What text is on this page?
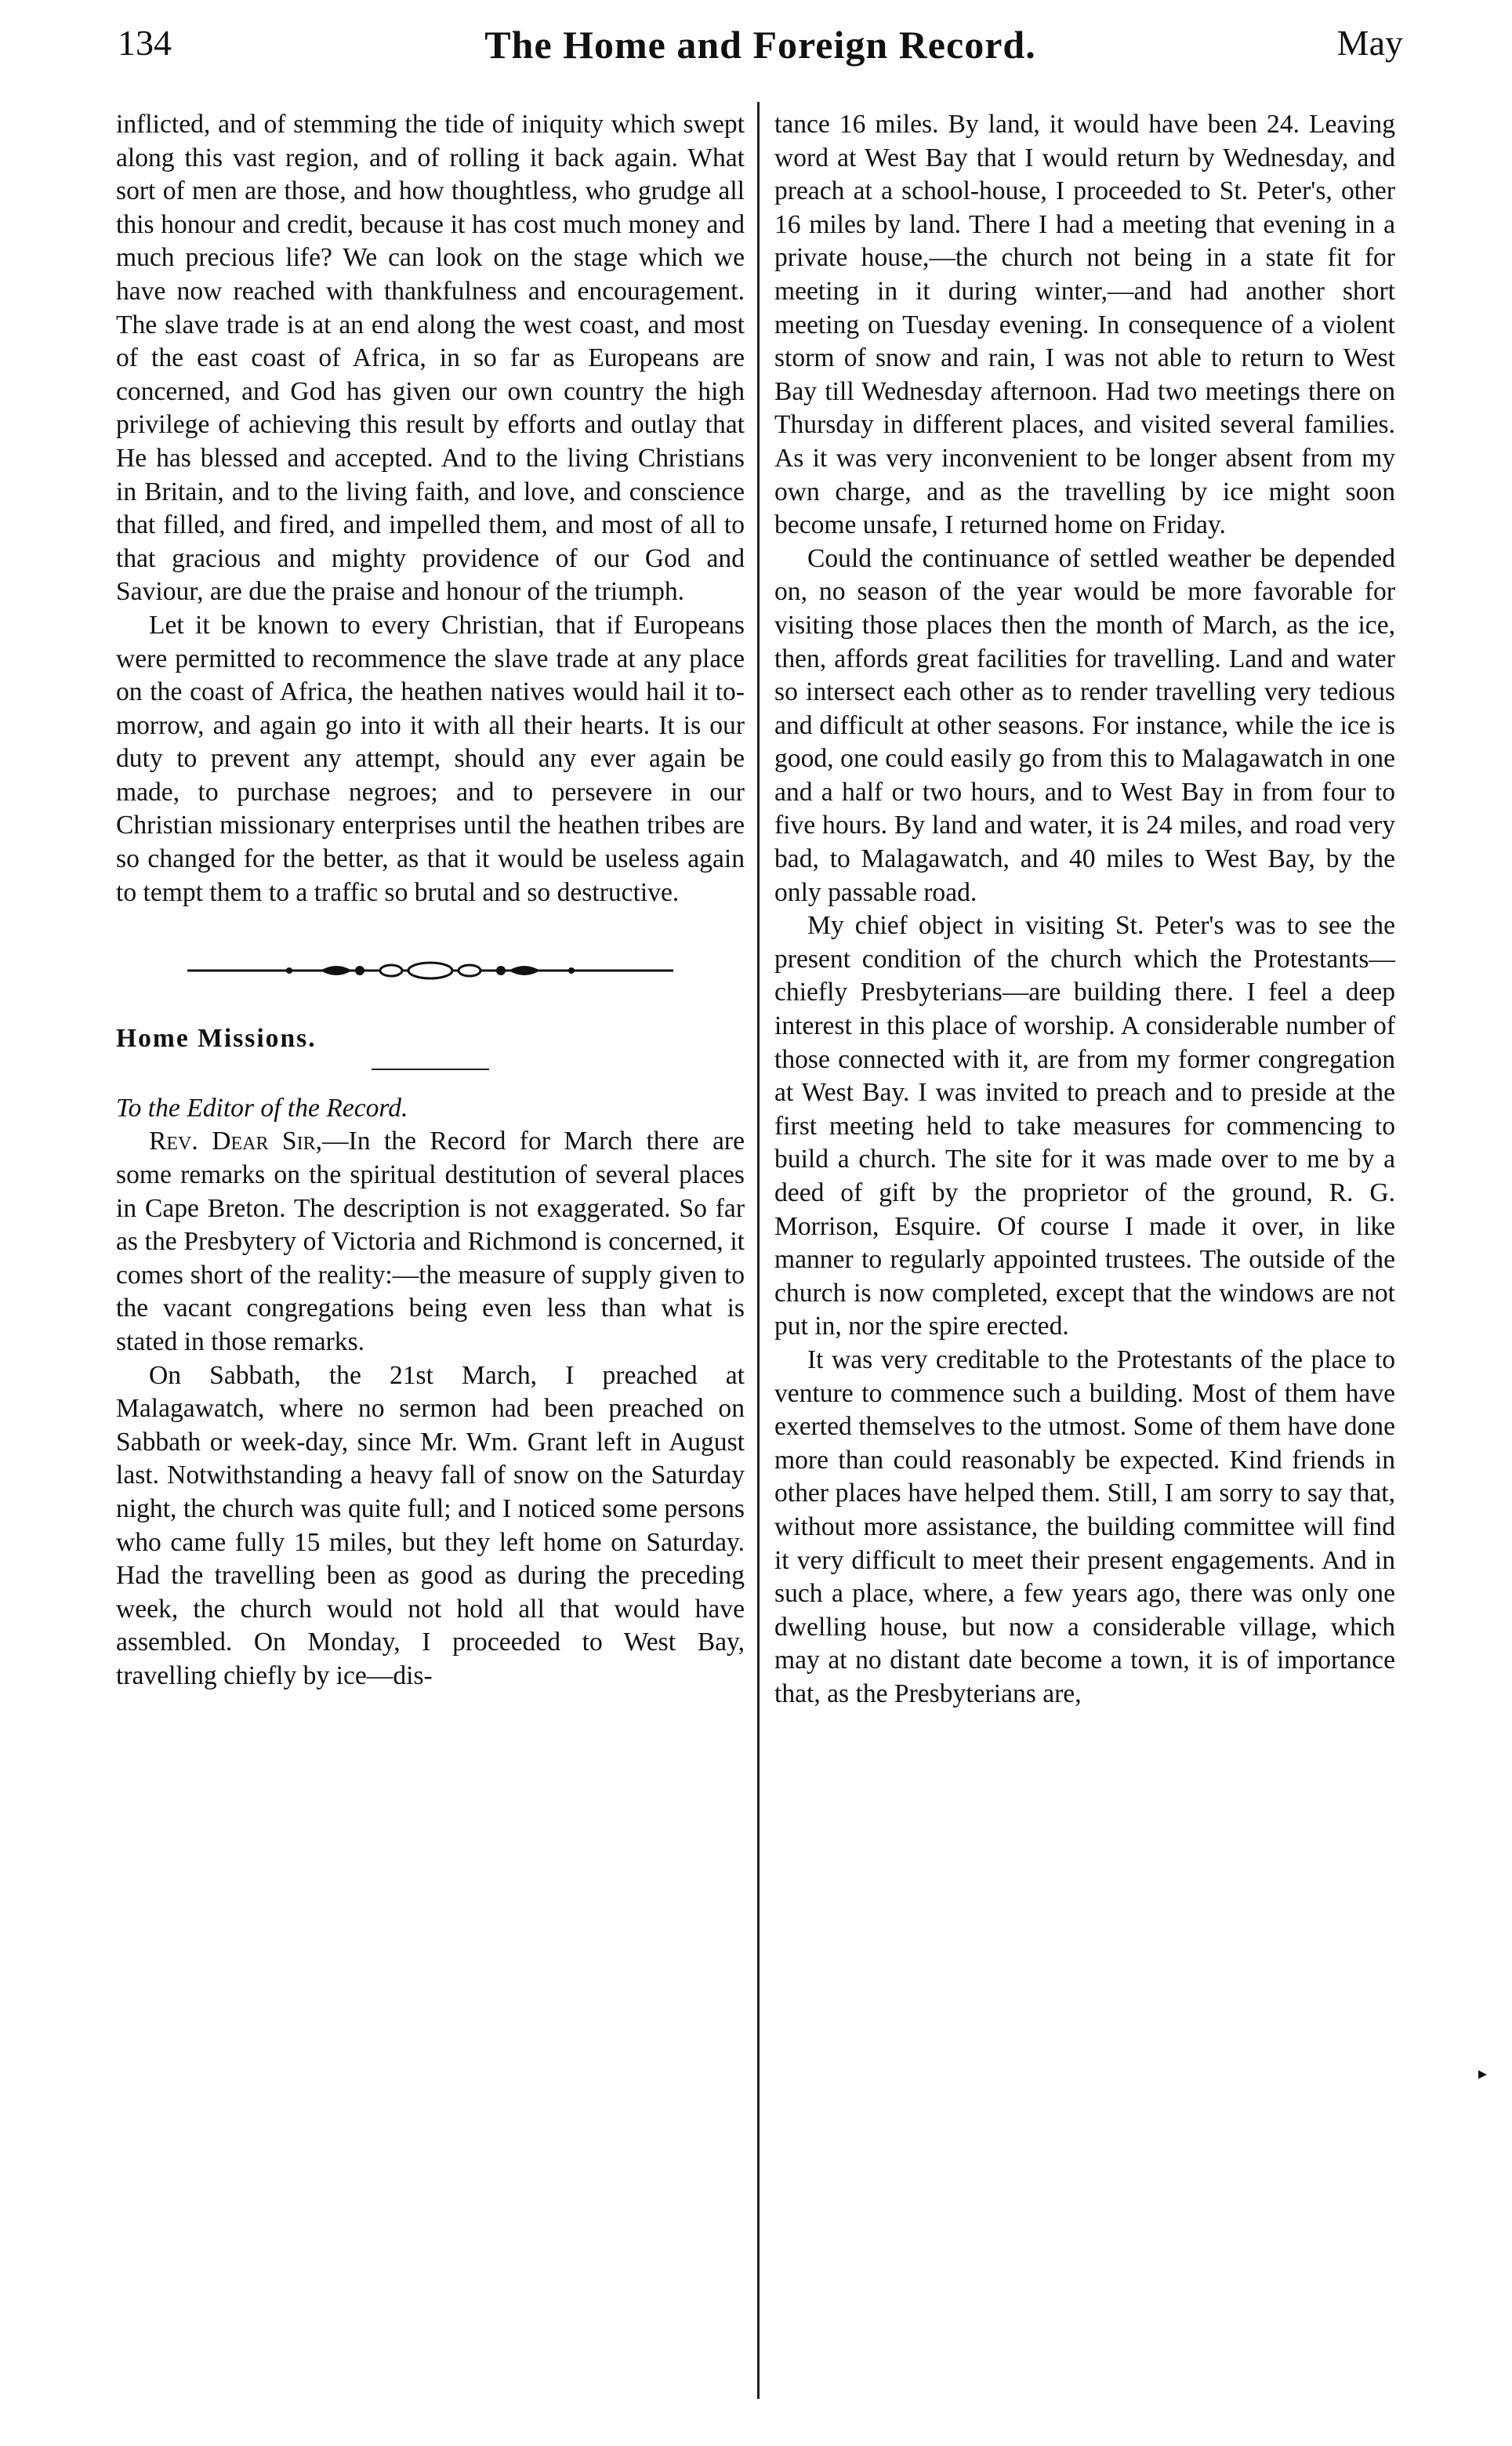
134	The Home and Foreign Record.	May

inflicted, and of stemming the tide of iniquity which swept along this vast region, and of rolling it back again. What sort of men are those, and how thoughtless, who grudge all this honour and credit, because it has cost much money and much precious life? We can look on the stage which we have now reached with thankfulness and encouragement. The slave trade is at an end along the west coast, and most of the east coast of Africa, in so far as Europeans are concerned, and God has given our own country the high privilege of achieving this result by efforts and outlay that He has blessed and accepted. And to the living Christians in Britain, and to the living faith, and love, and conscience that filled, and fired, and impelled them, and most of all to that gracious and mighty providence of our God and Saviour, are due the praise and honour of the triumph.

Let it be known to every Christian, that if Europeans were permitted to recommence the slave trade at any place on the coast of Africa, the heathen natives would hail it to-morrow, and again go into it with all their hearts. It is our duty to prevent any attempt, should any ever again be made, to purchase negroes; and to persevere in our Christian missionary enterprises until the heathen tribes are so changed for the better, as that it would be useless again to tempt them to a traffic so brutal and so destructive.

Home Missions.

To the Editor of the Record.

Rev. Dear Sir,—In the Record for March there are some remarks on the spiritual destitution of several places in Cape Breton. The description is not exaggerated. So far as the Presbytery of Victoria and Richmond is concerned, it comes short of the reality:—the measure of supply given to the vacant congregations being even less than what is stated in those remarks.

On Sabbath, the 21st March, I preached at Malagawatch, where no sermon had been preached on Sabbath or week-day, since Mr. Wm. Grant left in August last. Notwithstanding a heavy fall of snow on the Saturday night, the church was quite full; and I noticed some persons who came fully 15 miles, but they left home on Saturday. Had the travelling been as good as during the preceding week, the church would not hold all that would have assembled. On Monday, I proceeded to West Bay, travelling chiefly by ice—dis-

tance 16 miles. By land, it would have been 24. Leaving word at West Bay that I would return by Wednesday, and preach at a school-house, I proceeded to St. Peter's, other 16 miles by land. There I had a meeting that evening in a private house,—the church not being in a state fit for meeting in it during winter,—and had another short meeting on Tuesday evening. In consequence of a violent storm of snow and rain, I was not able to return to West Bay till Wednesday afternoon. Had two meetings there on Thursday in different places, and visited several families. As it was very inconvenient to be longer absent from my own charge, and as the travelling by ice might soon become unsafe, I returned home on Friday.

Could the continuance of settled weather be depended on, no season of the year would be more favorable for visiting those places then the month of March, as the ice, then, affords great facilities for travelling. Land and water so intersect each other as to render travelling very tedious and difficult at other seasons. For instance, while the ice is good, one could easily go from this to Malagawatch in one and a half or two hours, and to West Bay in from four to five hours. By land and water, it is 24 miles, and road very bad, to Malagawatch, and 40 miles to West Bay, by the only passable road.

My chief object in visiting St. Peter's was to see the present condition of the church which the Protestants—chiefly Presbyterians—are building there. I feel a deep interest in this place of worship. A considerable number of those connected with it, are from my former congregation at West Bay. I was invited to preach and to preside at the first meeting held to take measures for commencing to build a church. The site for it was made over to me by a deed of gift by the proprietor of the ground, R. G. Morrison, Esquire. Of course I made it over, in like manner to regularly appointed trustees. The outside of the church is now completed, except that the windows are not put in, nor the spire erected.

It was very creditable to the Protestants of the place to venture to commence such a building. Most of them have exerted themselves to the utmost. Some of them have done more than could reasonably be expected. Kind friends in other places have helped them. Still, I am sorry to say that, without more assistance, the building committee will find it very difficult to meet their present engagements. And in such a place, where, a few years ago, there was only one dwelling house, but now a considerable village, which may at no distant date become a town, it is of importance that, as the Presbyterians are,

▸
